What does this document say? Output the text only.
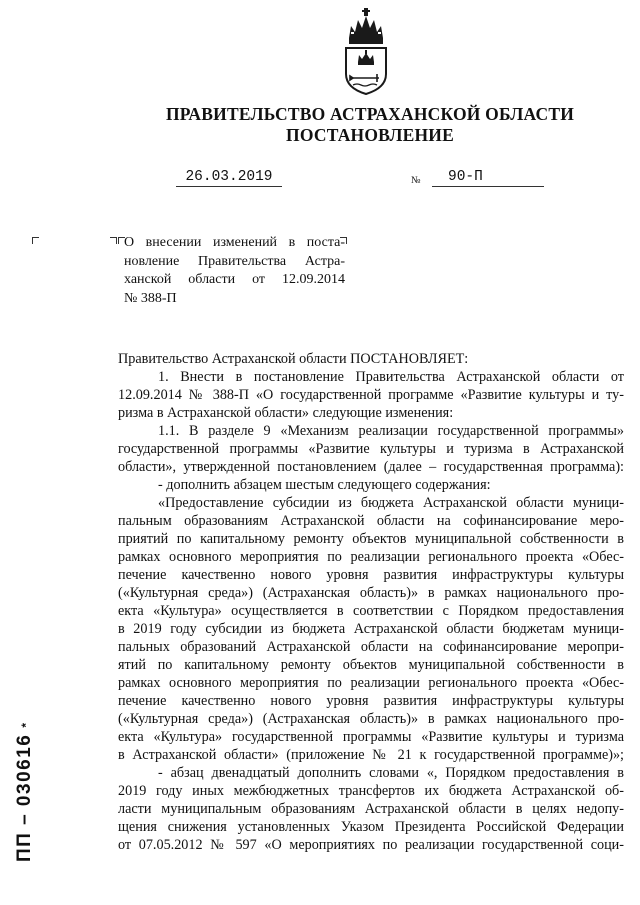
ПРАВИТЕЛЬСТВО АСТРАХАНСКОЙ ОБЛАСТИ
ПОСТАНОВЛЕНИЕ
26.03.2019	№	90-П
О внесении изменений в поста-
новление Правительства Астра-
ханской области от 12.09.2014
№ 388-П
Правительство Астраханской области ПОСТАНОВЛЯЕТ:
1. Внести в постановление Правительства Астраханской области от
12.09.2014 № 388-П «О государственной программе «Развитие культуры и ту-
ризма в Астраханской области» следующие изменения:
1.1. В разделе 9 «Механизм реализации государственной программы»
государственной программы «Развитие культуры и туризма в Астраханской
области», утвержденной постановлением (далее – государственная программа):
- дополнить абзацем шестым следующего содержания:
«Предоставление субсидии из бюджета Астраханской области муници-
пальным образованиям Астраханской области на софинансирование меро-
приятий по капитальному ремонту объектов муниципальной собственности в
рамках основного мероприятия по реализации регионального проекта «Обес-
печение качественно нового уровня развития инфраструктуры культуры
(«Культурная среда») (Астраханская область)» в рамках национального про-
екта «Культура» осуществляется в соответствии с Порядком предоставления
в 2019 году субсидии из бюджета Астраханской области бюджетам муници-
пальных образований Астраханской области на софинансирование меропри-
ятий по капитальному ремонту объектов муниципальной собственности в
рамках основного мероприятия по реализации регионального проекта «Обес-
печение качественно нового уровня развития инфраструктуры культуры
(«Культурная среда») (Астраханская область)» в рамках национального про-
екта «Культура» государственной программы «Развитие культуры и туризма
в Астраханской области» (приложение № 21 к государственной программе)»;
- абзац двенадцатый дополнить словами «, Порядком предоставления в
2019 году иных межбюджетных трансфертов их бюджета Астраханской об-
ласти муниципальным образованиям Астраханской области в целях недопу-
щения снижения установленных Указом Президента Российской Федерации
от 07.05.2012 № 597 «О мероприятиях по реализации государственной соци-
ПП – 030616*
